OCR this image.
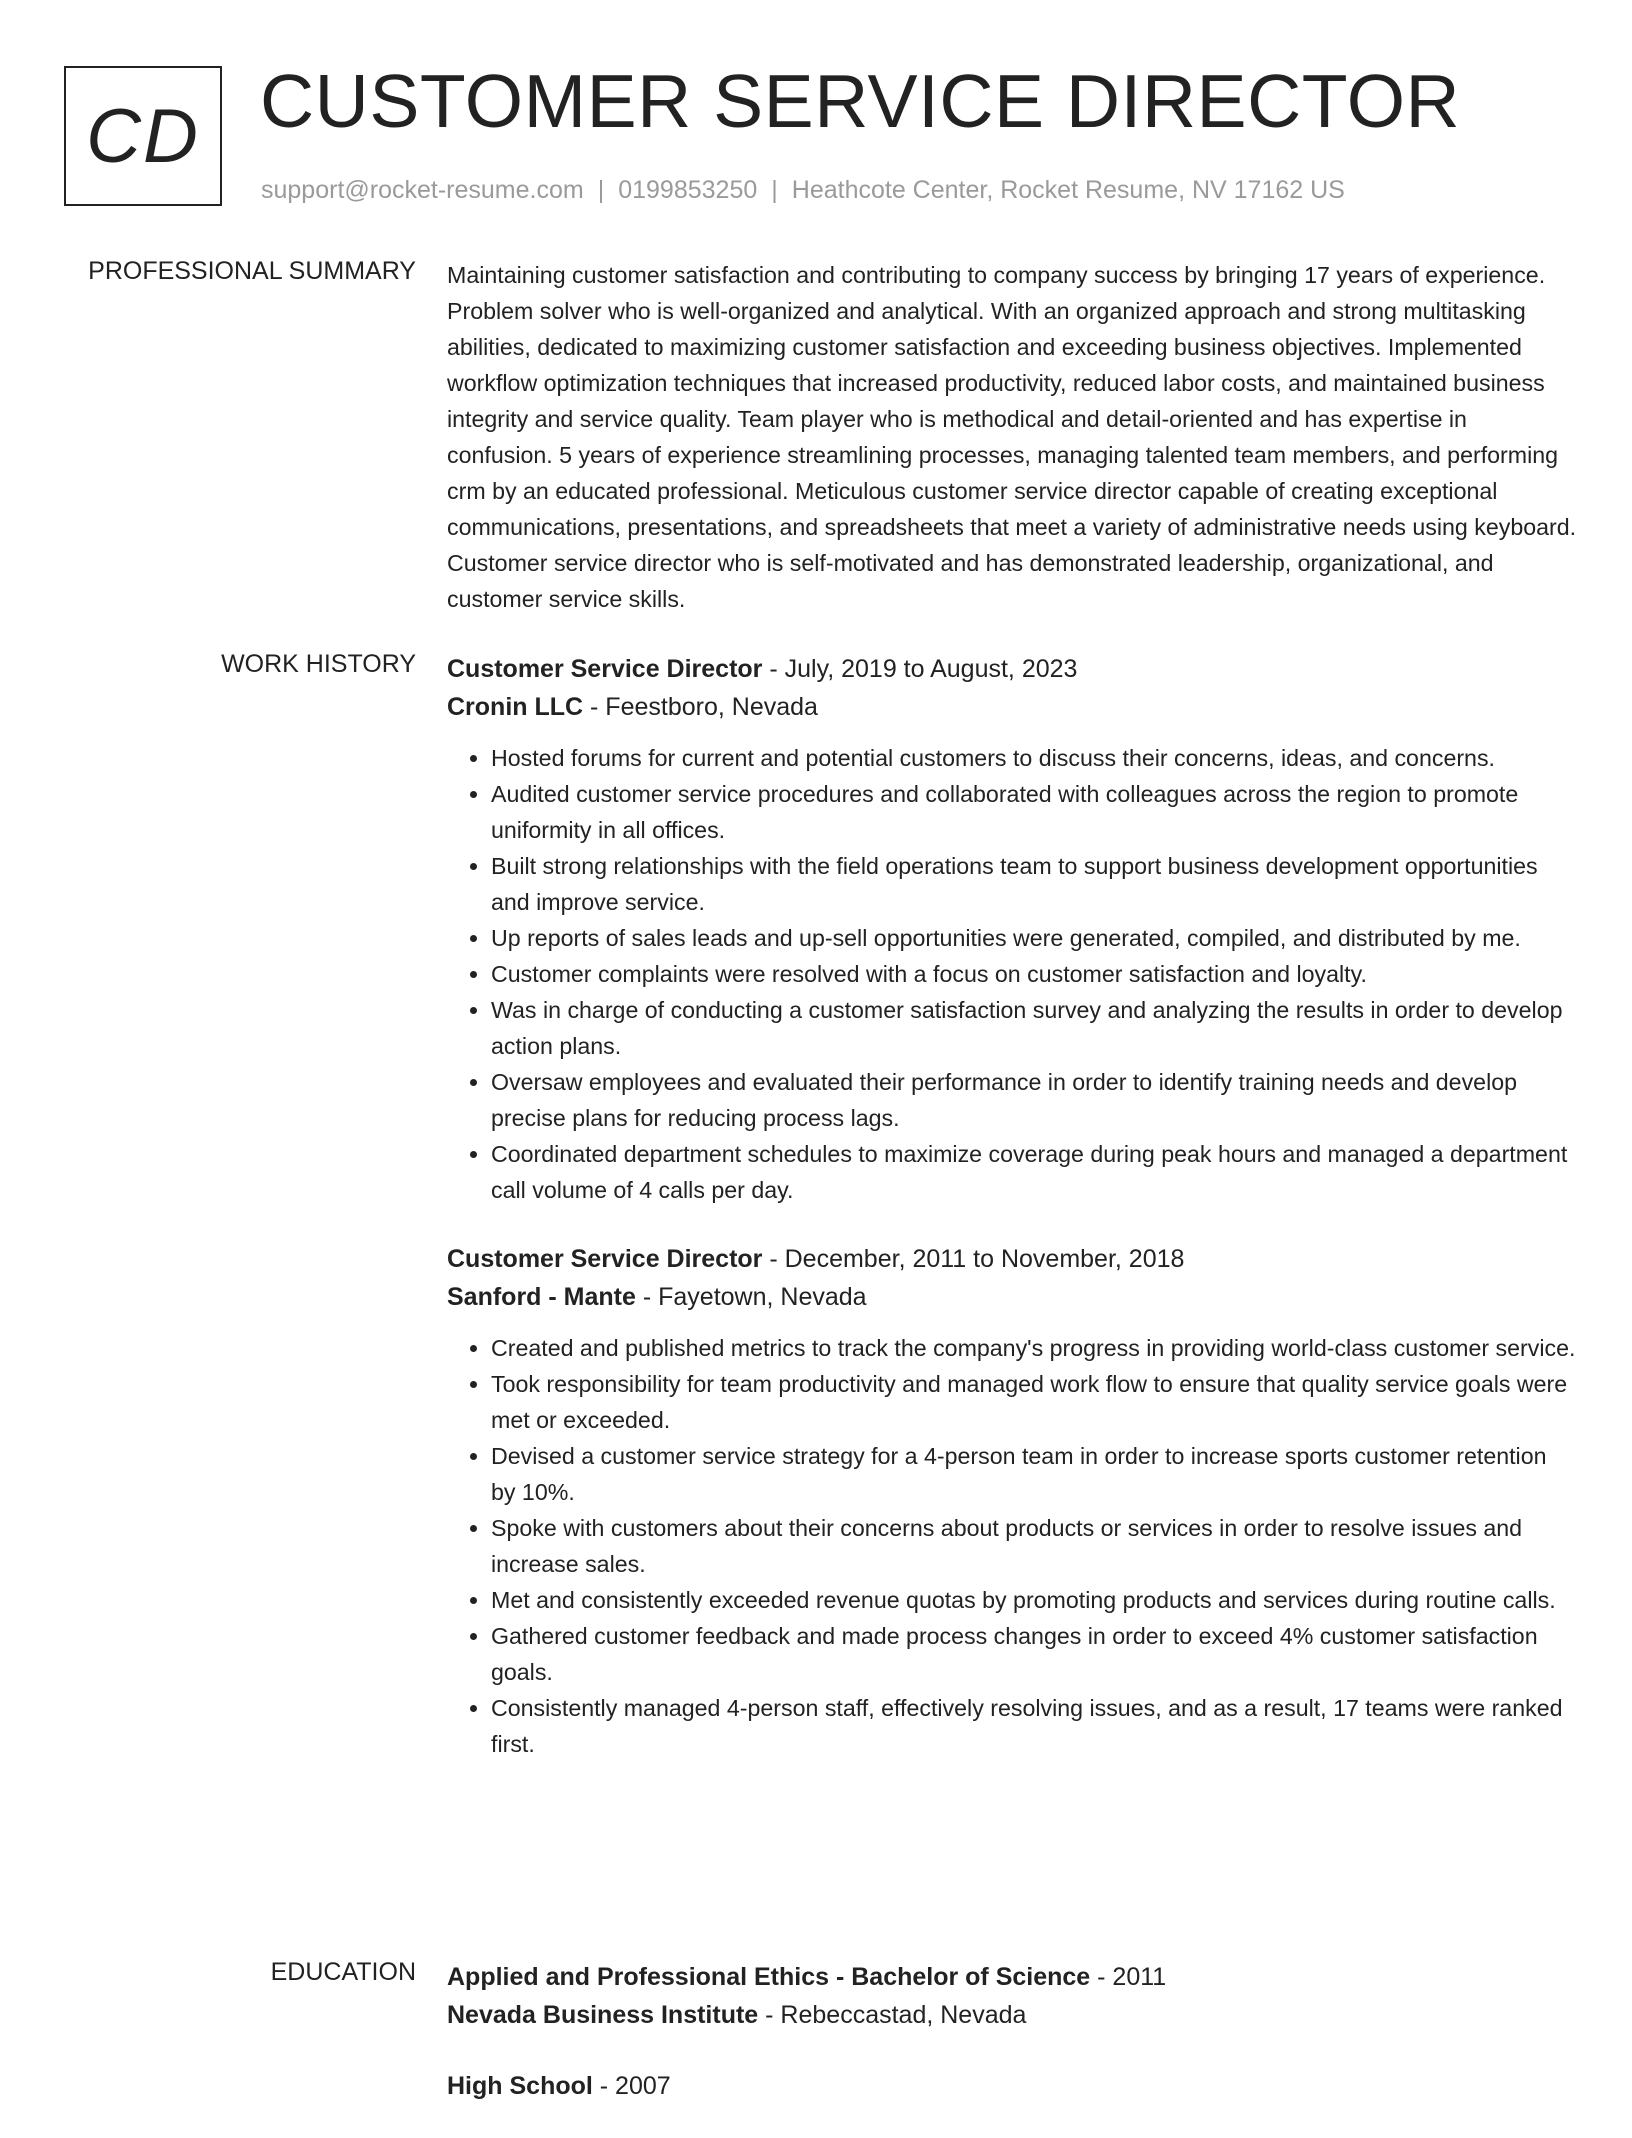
CD CUSTOMER SERVICE DIRECTOR
support@rocket-resume.com | 0199853250 | Heathcote Center, Rocket Resume, NV 17162 US
PROFESSIONAL SUMMARY Maintaining customer satisfaction and contributing to company success by bringing 17 years of experience. Problem solver who is well-organized and analytical. With an organized approach and strong multitasking abilities, dedicated to maximizing customer satisfaction and exceeding business objectives. Implemented workflow optimization techniques that increased productivity, reduced labor costs, and maintained business integrity and service quality. Team player who is methodical and detail-oriented and has expertise in confusion. 5 years of experience streamlining processes, managing talented team members, and performing crm by an educated professional. Meticulous customer service director capable of creating exceptional communications, presentations, and spreadsheets that meet a variety of administrative needs using keyboard. Customer service director who is self-motivated and has demonstrated leadership, organizational, and customer service skills.

WORK HISTORY Customer Service Director - July, 2019 to August, 2023
Cronin LLC - Feestboro, Nevada
• Hosted forums for current and potential customers to discuss their concerns, ideas, and concerns.
• Audited customer service procedures and collaborated with colleagues across the region to promote uniformity in all offices.
• Built strong relationships with the field operations team to support business development opportunities and improve service.
• Up reports of sales leads and up-sell opportunities were generated, compiled, and distributed by me.
• Customer complaints were resolved with a focus on customer satisfaction and loyalty.
• Was in charge of conducting a customer satisfaction survey and analyzing the results in order to develop action plans.
• Oversaw employees and evaluated their performance in order to identify training needs and develop precise plans for reducing process lags.
• Coordinated department schedules to maximize coverage during peak hours and managed a department call volume of 4 calls per day.
Customer Service Director - December, 2011 to November, 2018
Sanford - Mante - Fayetown, Nevada
• Created and published metrics to track the company's progress in providing world-class customer service.
• Took responsibility for team productivity and managed work flow to ensure that quality service goals were met or exceeded.
• Devised a customer service strategy for a 4-person team in order to increase sports customer retention by 10%.
• Spoke with customers about their concerns about products or services in order to resolve issues and increase sales.
• Met and consistently exceeded revenue quotas by promoting products and services during routine calls.
• Gathered customer feedback and made process changes in order to exceed 4% customer satisfaction goals.
• Consistently managed 4-person staff, effectively resolving issues, and as a result, 17 teams were ranked first.
EDUCATION Applied and Professional Ethics - Bachelor of Science - 2011
Nevada Business Institute - Rebeccastad, Nevada
High School - 2007
